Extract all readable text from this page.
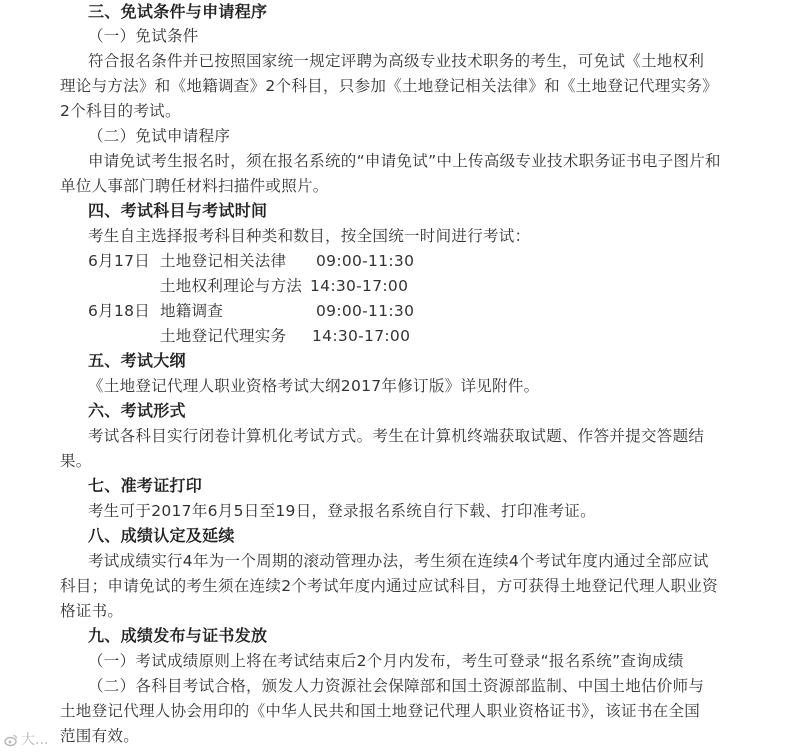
三、免试条件与申请程序
（一）免试条件
符合报名条件并已按照国家统一规定评聘为高级专业技术职务的考生，可免试《土地权利
理论与方法》和《地籍调查》2个科目，只参加《土地登记相关法律》和《土地登记代理实务》
2个科目的考试。
（二）免试申请程序
申请免试考生报名时，须在报名系统的“申请免试”中上传高级专业技术职务证书电子图片和
单位人事部门聘任材料扫描件或照片。
四、考试科目与考试时间
考生自主选择报考科目种类和数目，按全国统一时间进行考试：
6月17日 土地登记相关法律 09:00-11:30
土地权利理论与方法 14:30-17:00
6月18日 地籍调查	09:00-11:30
土地登记代理实务 14:30-17:00
五、考试大纲
《土地登记代理人职业资格考试大纲2017年修订版》详见附件。
六、考试形式
考试各科目实行闭卷计算机化考试方式。考生在计算机终端获取试题、作答并提交答题结
果。
七、准考证打印
考生可于2017年6月5日至19日，登录报名系统自行下载、打印准考证。
八、成绩认定及延续
考试成绩实行4年为一个周期的滚动管理办法，考生须在连续4个考试年度内通过全部应试
科目；申请免试的考生须在连续2个考试年度内通过应试科目，方可获得土地登记代理人职业资
格证书。
九、成绩发布与证书发放
（一）考试成绩原则上将在考试结束后2个月内发布，考生可登录“报名系统”查询成绩
（二）各科目考试合格，颁发人力资源社会保障部和国土资源部监制、中国土地估价师与
土地登记代理人协会用印的《中华人民共和国土地登记代理人职业资格证书》，该证书在全国
范围有效。
大...
